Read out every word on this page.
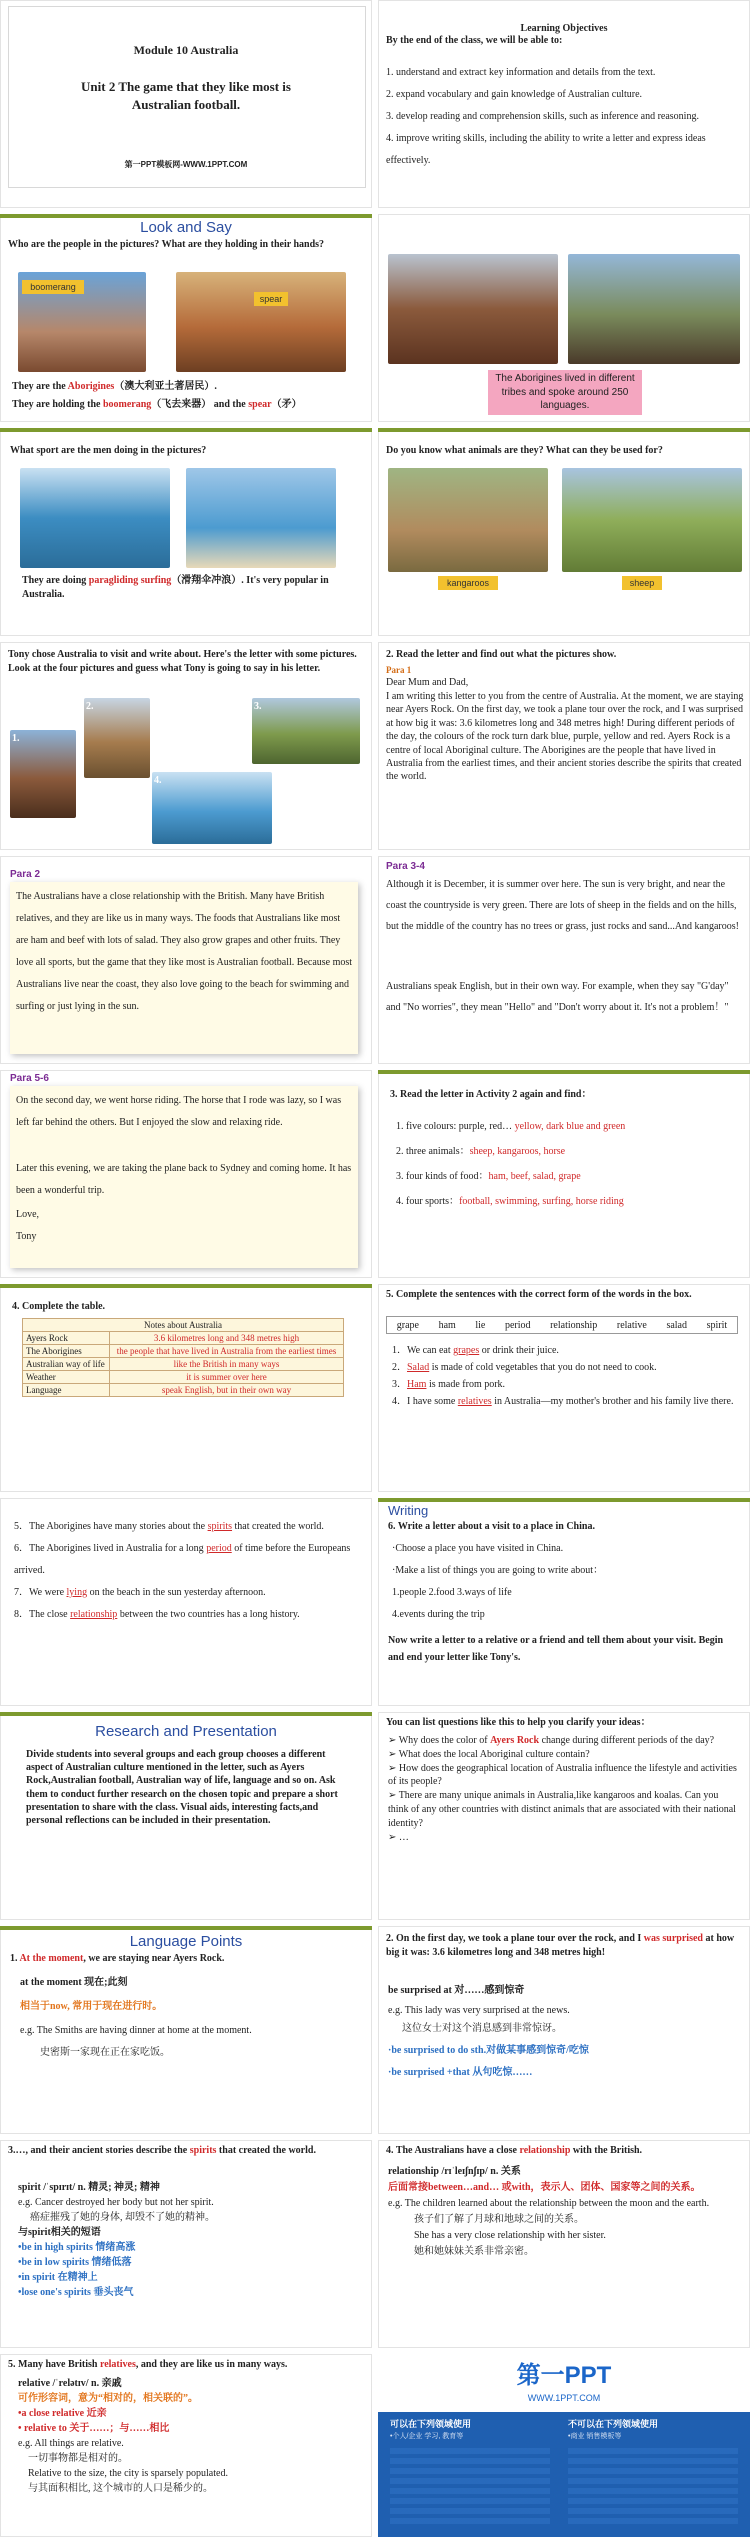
Module 10 Australia
Unit 2 The game that they like most is Australian football.
第一PPT模板网-WWW.1PPT.COM
Learning Objectives
By the end of the class, we will be able to:
1. understand and extract key information and details from the text.
2. expand vocabulary and gain knowledge of Australian culture.
3. develop reading and comprehension skills, such as inference and reasoning.
4. improve writing skills, including the ability to write a letter and express ideas effectively.
Look and Say
Who are the people in the pictures? What are they holding in their hands?
boomerang
spear
They are the Aborigines（澳大利亚土著居民）.
They are holding the boomerang（飞去来器） and the spear（矛）
The Aborigines lived in different tribes and spoke around 250 languages.
What sport are the men doing in the pictures?
They are doing paragliding surfing（滑翔伞冲浪）. It's very popular in Australia.
Do you know what animals are they? What can they be used for?
kangaroos	sheep
Tony chose Australia to visit and write about. Here's the letter with some pictures. Look at the four pictures and guess what Tony is going to say in his letter.
1.
2.	3.
4.
2. Read the letter and find out what the pictures show.
Para 1
Dear Mum and Dad,
I am writing this letter to you from the centre of Australia. At the moment, we are staying near Ayers Rock. On the first day, we took a plane tour over the rock, and I was surprised at how big it was: 3.6 kilometres long and 348 metres high! During different periods of the day, the colours of the rock turn dark blue, purple, yellow and red. Ayers Rock is a centre of local Aboriginal culture. The Aborigines are the people that have lived in Australia from the earliest times, and their ancient stories describe the spirits that created the world.
Para 2
The Australians have a close relationship with the British. Many have British relatives, and they are like us in many ways. The foods that Australians like most are ham and beef with lots of salad. They also grow grapes and other fruits. They love all sports, but the game that they like most is Australian football. Because most Australians live near the coast, they also love going to the beach for swimming and surfing or just lying in the sun.
Para 3-4
Although it is December, it is summer over here. The sun is very bright, and near the coast the countryside is very green. There are lots of sheep in the fields and on the hills, but the middle of the country has no trees or grass, just rocks and sand...And kangaroos!
Australians speak English, but in their own way. For example, when they say "G'day" and "No worries", they mean "Hello" and "Don't worry about it. It's not a problem！"
Para 5-6
On the second day, we went horse riding. The horse that I rode was lazy, so I was left far behind the others. But I enjoyed the slow and relaxing ride.
Later this evening, we are taking the plane back to Sydney and coming home. It has been a wonderful trip.
Love,
Tony
3. Read the letter in Activity 2 again and find：
1. five colours: purple, red… yellow, dark blue and green
2. three animals：sheep, kangaroos, horse
3. four kinds of food：ham, beef, salad, grape
4. four sports：football, swimming, surfing, horse riding
4. Complete the table.
Notes about Australia	
Ayers Rock	3.6 kilometres long and 348 metres high
The Aborigines	the people that have lived in Australia from the earliest times
Australian way of life	like the British in many ways
Weather	it is summer over here
Language	speak English, but in their own way
5. Complete the sentences with the correct form of the words in the box.
grape ham lie period relationship relative salad spirit
1．We can eat grapes or drink their juice.
2．Salad is made of cold vegetables that you do not need to cook.
3．Ham is made from pork.
4．I have some relatives in Australia—my mother's brother and his family live there.
5．The Aborigines have many stories about the spirits that created the world.
6．The Aborigines lived in Australia for a long period of time before the Europeans arrived.
7．We were lying on the beach in the sun yesterday afternoon.
8．The close relationship between the two countries has a long history.
Writing
6. Write a letter about a visit to a place in China.
·Choose a place you have visited in China.
·Make a list of things you are going to write about：
1.people 2.food 3.ways of life
4.events during the trip
Now write a letter to a relative or a friend and tell them about your visit. Begin and end your letter like Tony's.
Research and Presentation
Divide students into several groups and each group chooses a different aspect of Australian culture mentioned in the letter, such as Ayers Rock,Australian football, Australian way of life, language and so on. Ask them to conduct further research on the chosen topic and prepare a short presentation to share with the class. Visual aids, interesting facts,and personal reflections can be included in their presentation.
You can list questions like this to help you clarify your ideas：
➢ Why does the color of Ayers Rock change during different periods of the day?
➢ What does the local Aboriginal culture contain?
➢ How does the geographical location of Australia influence the lifestyle and activities of its people?
➢ There are many unique animals in Australia,like kangaroos and koalas. Can you think of any other countries with distinct animals that are associated with their national identity?
➢ …
Language Points
1. At the moment, we are staying near Ayers Rock.
at the moment 现在;此刻
相当于now, 常用于现在进行时。
e.g. The Smiths are having dinner at home at the moment.
史密斯一家现在正在家吃饭。
2. On the first day, we took a plane tour over the rock, and I was surprised at how big it was: 3.6 kilometres long and 348 metres high!
be surprised at 对……感到惊奇
e.g. This lady was very surprised at the news.
这位女士对这个消息感到非常惊讶。
·be surprised to do sth.对做某事感到惊奇/吃惊
·be surprised +that 从句吃惊……
3.…, and their ancient stories describe the spirits that created the world.
spirit /ˈspɪrɪt/ n. 精灵; 神灵; 精神
e.g. Cancer destroyed her body but not her spirit.
癌症摧残了她的身体, 却毁不了她的精神。
与spirit相关的短语
•be in high spirits 情绪高涨
•be in low spirits 情绪低落
•in spirit 在精神上
•lose one's spirits 垂头丧气
4. The Australians have a close relationship with the British.
relationship /rɪˈleɪʃnʃɪp/ n. 关系
后面常接between…and… 或with，表示人、团体、国家等之间的关系。
e.g. The children learned about the relationship between the moon and the earth.
孩子们了解了月球和地球之间的关系。
She has a very close relationship with her sister.
她和她妹妹关系非常亲密。
5. Many have British relatives, and they are like us in many ways.
relative /ˈrelətɪv/ n. 亲戚
可作形容词，意为“相对的，相关联的”。
•a close relative 近亲
• relative to 关于……；与……相比
e.g. All things are relative.
一切事物都是相对的。
Relative to the size, the city is sparsely populated.
与其面积相比, 这个城市的人口是稀少的。
第一PPT
WWW.1PPT.COM
可以在下列领域使用	不可以在下列领域使用
•个人/企业 学习, 教育等	•商业 销售模板等
